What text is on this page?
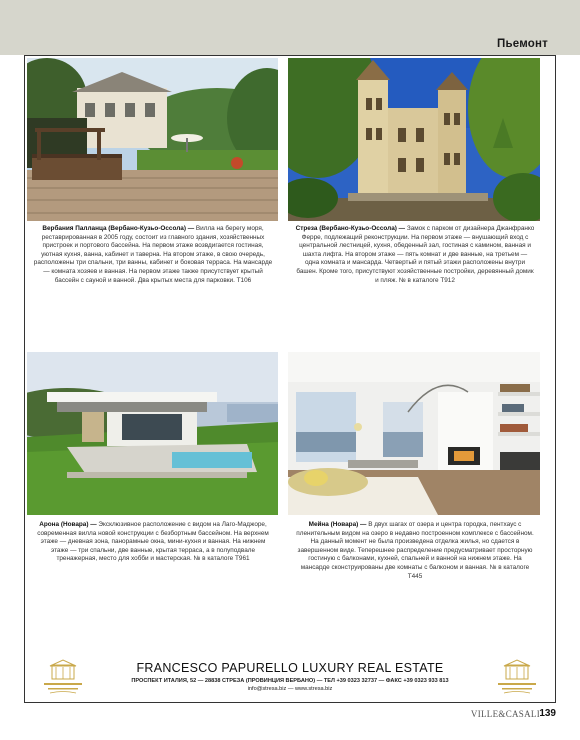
Пьемонт
Вербания Палланца (Вербано-Кузьо-Оссола) — Вилла на берегу моря, реставрированная в 2005 году, состоит из главного здания, хозяйственных пристроек и портового бассейна. На первом этаже возвдигается гостиная, уютная кухня, ванна, кабинет и таверна. На втором этаже, в свою очередь, расположены три спальни, три ванны, кабинет и боковая терраса. На мансарде — комната хозяев и ванная. На первом этаже также присутствует крытый бассейн с сауной и ванной. Два крытых места для парковки. Т106
Стреза (Вербано-Кузьо-Оссола) — Замок с парком от дизайнера Джанфранко Ферре, подлежащий реконструкции. На первом этаже — внушающий вход с центральной лестницей, кухня, обеденный зал, гостиная с камином, ванная и шахта лифта. На втором этаже — пять комнат и две ванные, на третьем — одна комната и мансарда. Четвертый и пятый этажи расположены внутри башен. Кроме того, присутствуют хозяйственные постройки, деревянный домик и пляж. № в каталоге Т912
Арона (Новара) — Эксклюзивное расположение с видом на Лаго-Маджоре, современная вилла новой конструкции с безбортным бассейном. На верхнем этаже — дневная зона, панорамные окна, мини-кухня и ванная. На нижнем этаже — три спальни, две ванные, крытая терраса, а в полуподвале тренажерная, место для хобби и мастерская. № в каталоге Т961
Мейна (Новара) — В двух шагах от озера и центра городка, пентхаус с пленительным видом на озеро в недавно построенном комплексе с бассейном. На данный момент не была произведена отделка жилья, но сдается в завершенном виде. Теперешнее распределение предусматривает просторную гостиную с балконами, кухней, спальней и ванной на нижнем этаже. На мансарде сконструированы две комнаты с балконом и ванная. № в каталоге Т445
FRANCESCO PAPURELLO LUXURY REAL ESTATE
ПРОСПЕКТ ИТАЛИЯ, 52 — 28838 СТРЕЗА (ПРОВИНЦИЯ ВЕРБАНО) — ТЕЛ +39 0323 32737 — ФАКС +39 0323 933 813
info@stresa.biz — www.stresa.biz
VILLE&CASALI 139
